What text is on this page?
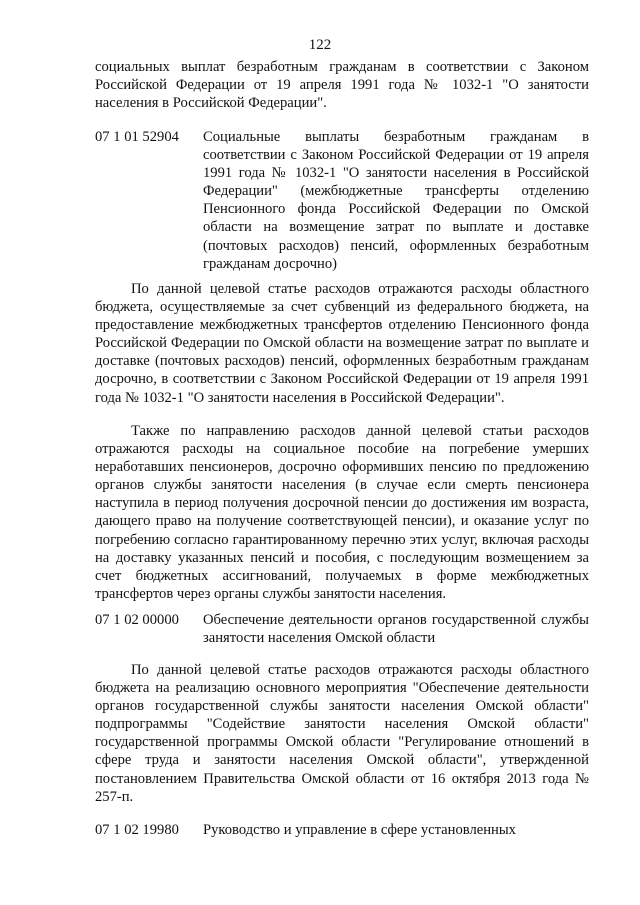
122
социальных выплат безработным гражданам в соответствии с Законом Российской Федерации от 19 апреля 1991 года № 1032-1 "О занятости населения в Российской Федерации".
07 1 01 52904	Социальные выплаты безработным гражданам в соответствии с Законом Российской Федерации от 19 апреля 1991 года № 1032-1 "О занятости населения в Российской Федерации" (межбюджетные трансферты отделению Пенсионного фонда Российской Федерации по Омской области на возмещение затрат по выплате и доставке (почтовых расходов) пенсий, оформленных безработным гражданам досрочно)
По данной целевой статье расходов отражаются расходы областного бюджета, осуществляемые за счет субвенций из федерального бюджета, на предоставление межбюджетных трансфертов отделению Пенсионного фонда Российской Федерации по Омской области на возмещение затрат по выплате и доставке (почтовых расходов) пенсий, оформленных безработным гражданам досрочно, в соответствии с Законом Российской Федерации от 19 апреля 1991 года № 1032-1 "О занятости населения в Российской Федерации".
Также по направлению расходов данной целевой статьи расходов отражаются расходы на социальное пособие на погребение умерших неработавших пенсионеров, досрочно оформивших пенсию по предложению органов службы занятости населения (в случае если смерть пенсионера наступила в период получения досрочной пенсии до достижения им возраста, дающего право на получение соответствующей пенсии), и оказание услуг по погребению согласно гарантированному перечню этих услуг, включая расходы на доставку указанных пенсий и пособия, с последующим возмещением за счет бюджетных ассигнований, получаемых в форме межбюджетных трансфертов через органы службы занятости населения.
07 1 02 00000	Обеспечение деятельности органов государственной службы занятости населения Омской области
По данной целевой статье расходов отражаются расходы областного бюджета на реализацию основного мероприятия "Обеспечение деятельности органов государственной службы занятости населения Омской области" подпрограммы "Содействие занятости населения Омской области" государственной программы Омской области "Регулирование отношений в сфере труда и занятости населения Омской области", утвержденной постановлением Правительства Омской области от 16 октября 2013 года № 257-п.
07 1 02 19980	Руководство и управление в сфере установленных
